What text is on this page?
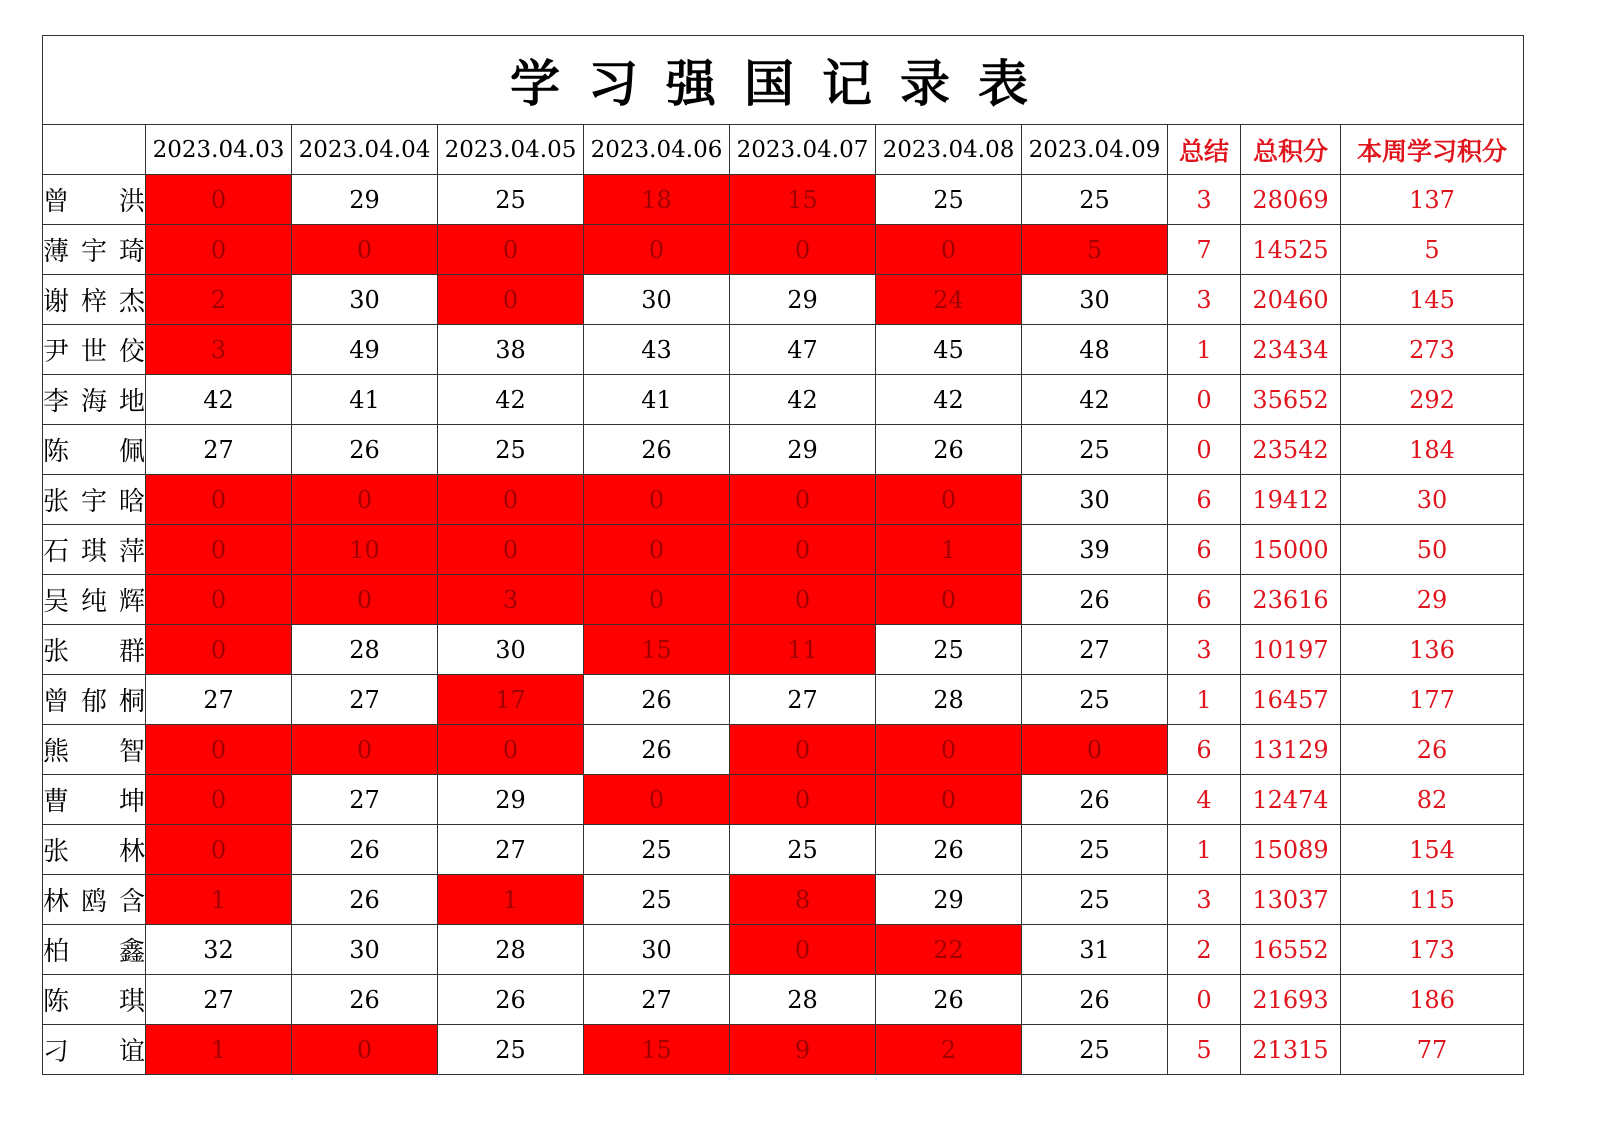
学习强国记录表										
	2023.04.03	2023.04.04	2023.04.05	2023.04.06	2023.04.07	2023.04.08	2023.04.09	总结	总积分	本周学习积分
曾洪	0	29	25	18	15	25	25	3	28069	137
薄宇琦	0	0	0	0	0	0	5	7	14525	5
谢梓杰	2	30	0	30	29	24	30	3	20460	145
尹世佼	3	49	38	43	47	45	48	1	23434	273
李海地	42	41	42	41	42	42	42	0	35652	292
陈佩	27	26	25	26	29	26	25	0	23542	184
张宇晗	0	0	0	0	0	0	30	6	19412	30
石琪萍	0	10	0	0	0	1	39	6	15000	50
吴纯辉	0	0	3	0	0	0	26	6	23616	29
张群	0	28	30	15	11	25	27	3	10197	136
曾郁桐	27	27	17	26	27	28	25	1	16457	177
熊智	0	0	0	26	0	0	0	6	13129	26
曹坤	0	27	29	0	0	0	26	4	12474	82
张林	0	26	27	25	25	26	25	1	15089	154
林鸥含	1	26	1	25	8	29	25	3	13037	115
柏鑫	32	30	28	30	0	22	31	2	16552	173
陈琪	27	26	26	27	28	26	26	0	21693	186
刁谊	1	0	25	15	9	2	25	5	21315	77
